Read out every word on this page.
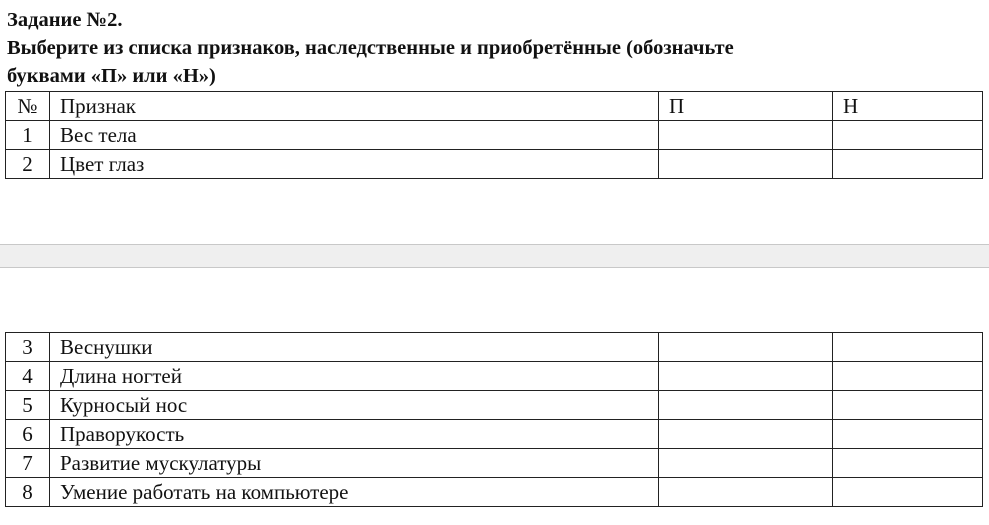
Задание №2.
Выберите из списка признаков, наследственные и приобретённые (обозначьте
буквами «П» или «Н»)
№	Признак	П	Н
1	Вес тела		
2	Цвет глаз		
3	Веснушки		
4	Длина ногтей		
5	Курносый нос		
6	Праворукость		
7	Развитие мускулатуры		
8	Умение работать на компьютере		
